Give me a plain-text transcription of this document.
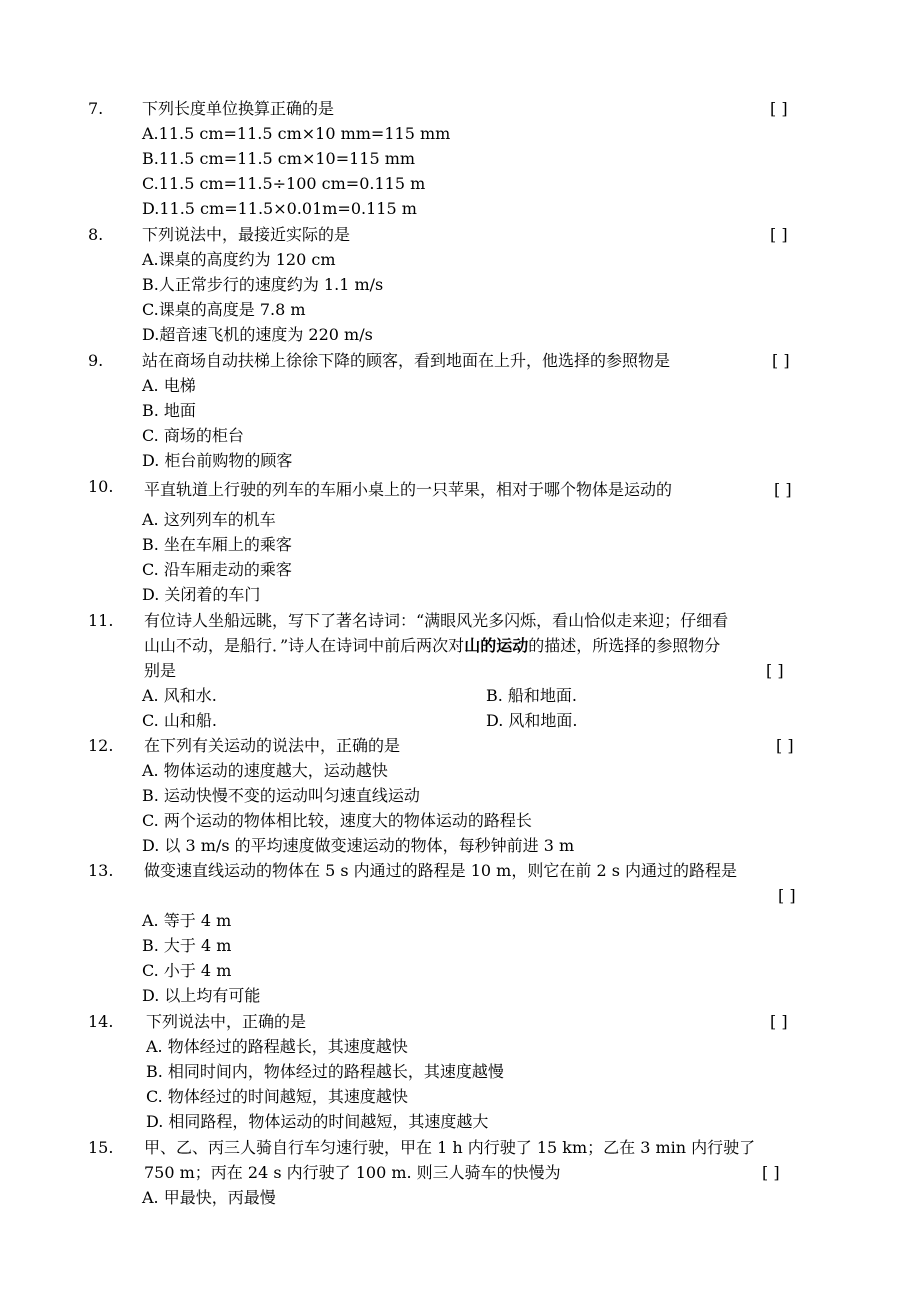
7. 下列长度单位换算正确的是	[ ]
A.11.5 cm=11.5 cm×10 mm=115 mm
B.11.5 cm=11.5 cm×10=115 mm
C.11.5 cm=11.5÷100 cm=0.115 m
D.11.5 cm=11.5×0.01m=0.115 m
8. 下列说法中，最接近实际的是	[ ]
A.课桌的高度约为 120 cm
B.人正常步行的速度约为 1.1 m/s
C.课桌的高度是 7.8 m
D.超音速飞机的速度为 220 m/s
9. 站在商场自动扶梯上徐徐下降的顾客，看到地面在上升，他选择的参照物是	[ ]
A. 电梯
B. 地面
C. 商场的柜台
D. 柜台前购物的顾客
10. 平直轨道上行驶的列车的车厢小桌上的一只苹果，相对于哪个物体是运动的	[ ]
A. 这列列车的机车
B. 坐在车厢上的乘客
C. 沿车厢走动的乘客
D. 关闭着的车门
11. 有位诗人坐船远眺，写下了著名诗词：“满眼风光多闪烁，看山恰似走来迎；仔细看
山山不动，是船行．”诗人在诗词中前后两次对山的运动的描述，所选择的参照物分
别是	[ ]
A. 风和水.	B. 船和地面.
C. 山和船.	D. 风和地面.
12. 在下列有关运动的说法中，正确的是	[ ]
A. 物体运动的速度越大，运动越快
B. 运动快慢不变的运动叫匀速直线运动
C. 两个运动的物体相比较，速度大的物体运动的路程长
D. 以 3 m/s 的平均速度做变速运动的物体，每秒钟前进 3 m
13. 做变速直线运动的物体在 5 s 内通过的路程是 10 m，则它在前 2 s 内通过的路程是
[ ]
A. 等于 4 m
B. 大于 4 m
C. 小于 4 m
D. 以上均有可能
14. 下列说法中，正确的是	[ ]
A. 物体经过的路程越长，其速度越快
B. 相同时间内，物体经过的路程越长，其速度越慢
C. 物体经过的时间越短，其速度越快
D. 相同路程，物体运动的时间越短，其速度越大
15. 甲、乙、丙三人骑自行车匀速行驶，甲在 1 h 内行驶了 15 km；乙在 3 min 内行驶了
750 m；丙在 24 s 内行驶了 100 m. 则三人骑车的快慢为	[ ]
A. 甲最快，丙最慢
